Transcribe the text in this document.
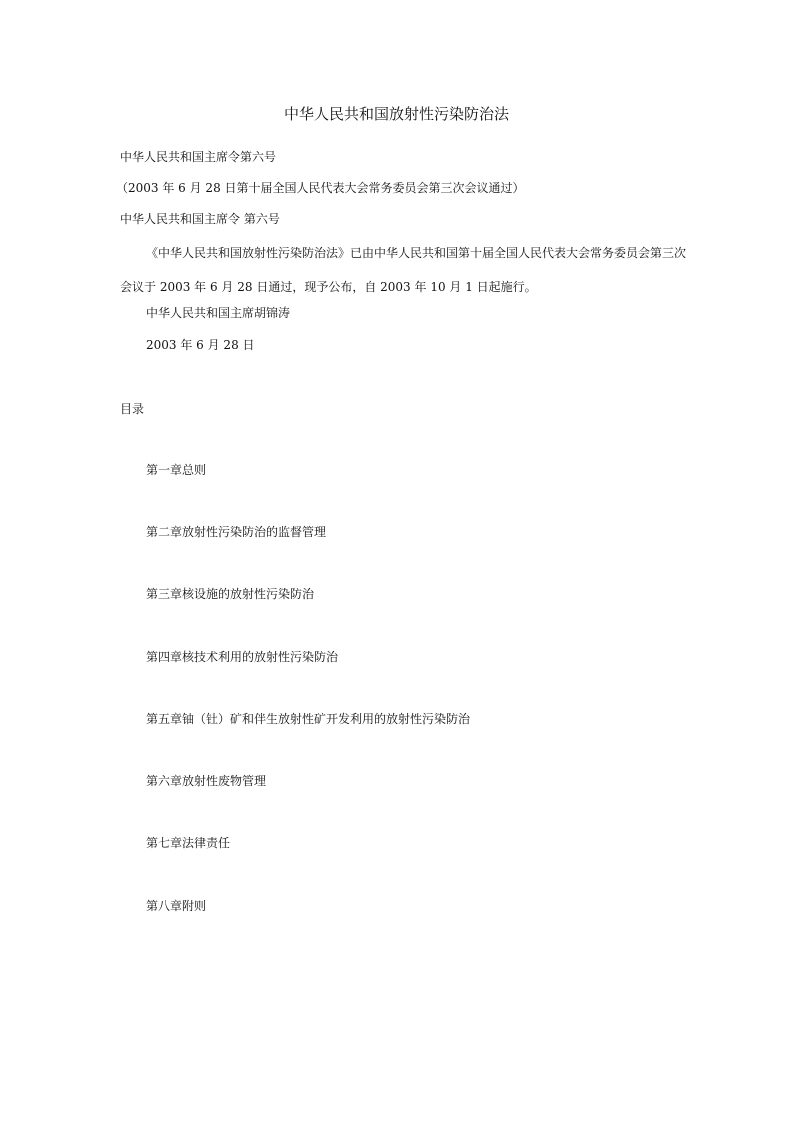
中华人民共和国放射性污染防治法
中华人民共和国主席令第六号
（2003 年 6 月 28 日第十届全国人民代表大会常务委员会第三次会议通过）
中华人民共和国主席令 第六号
《中华人民共和国放射性污染防治法》已由中华人民共和国第十届全国人民代表大会常务委员会第三次会议于 2003 年 6 月 28 日通过，现予公布，自 2003 年 10 月 1 日起施行。
中华人民共和国主席胡锦涛
2003 年 6 月 28 日
目录
第一章总则
第二章放射性污染防治的监督管理
第三章核设施的放射性污染防治
第四章核技术利用的放射性污染防治
第五章铀（钍）矿和伴生放射性矿开发利用的放射性污染防治
第六章放射性废物管理
第七章法律责任
第八章附则
